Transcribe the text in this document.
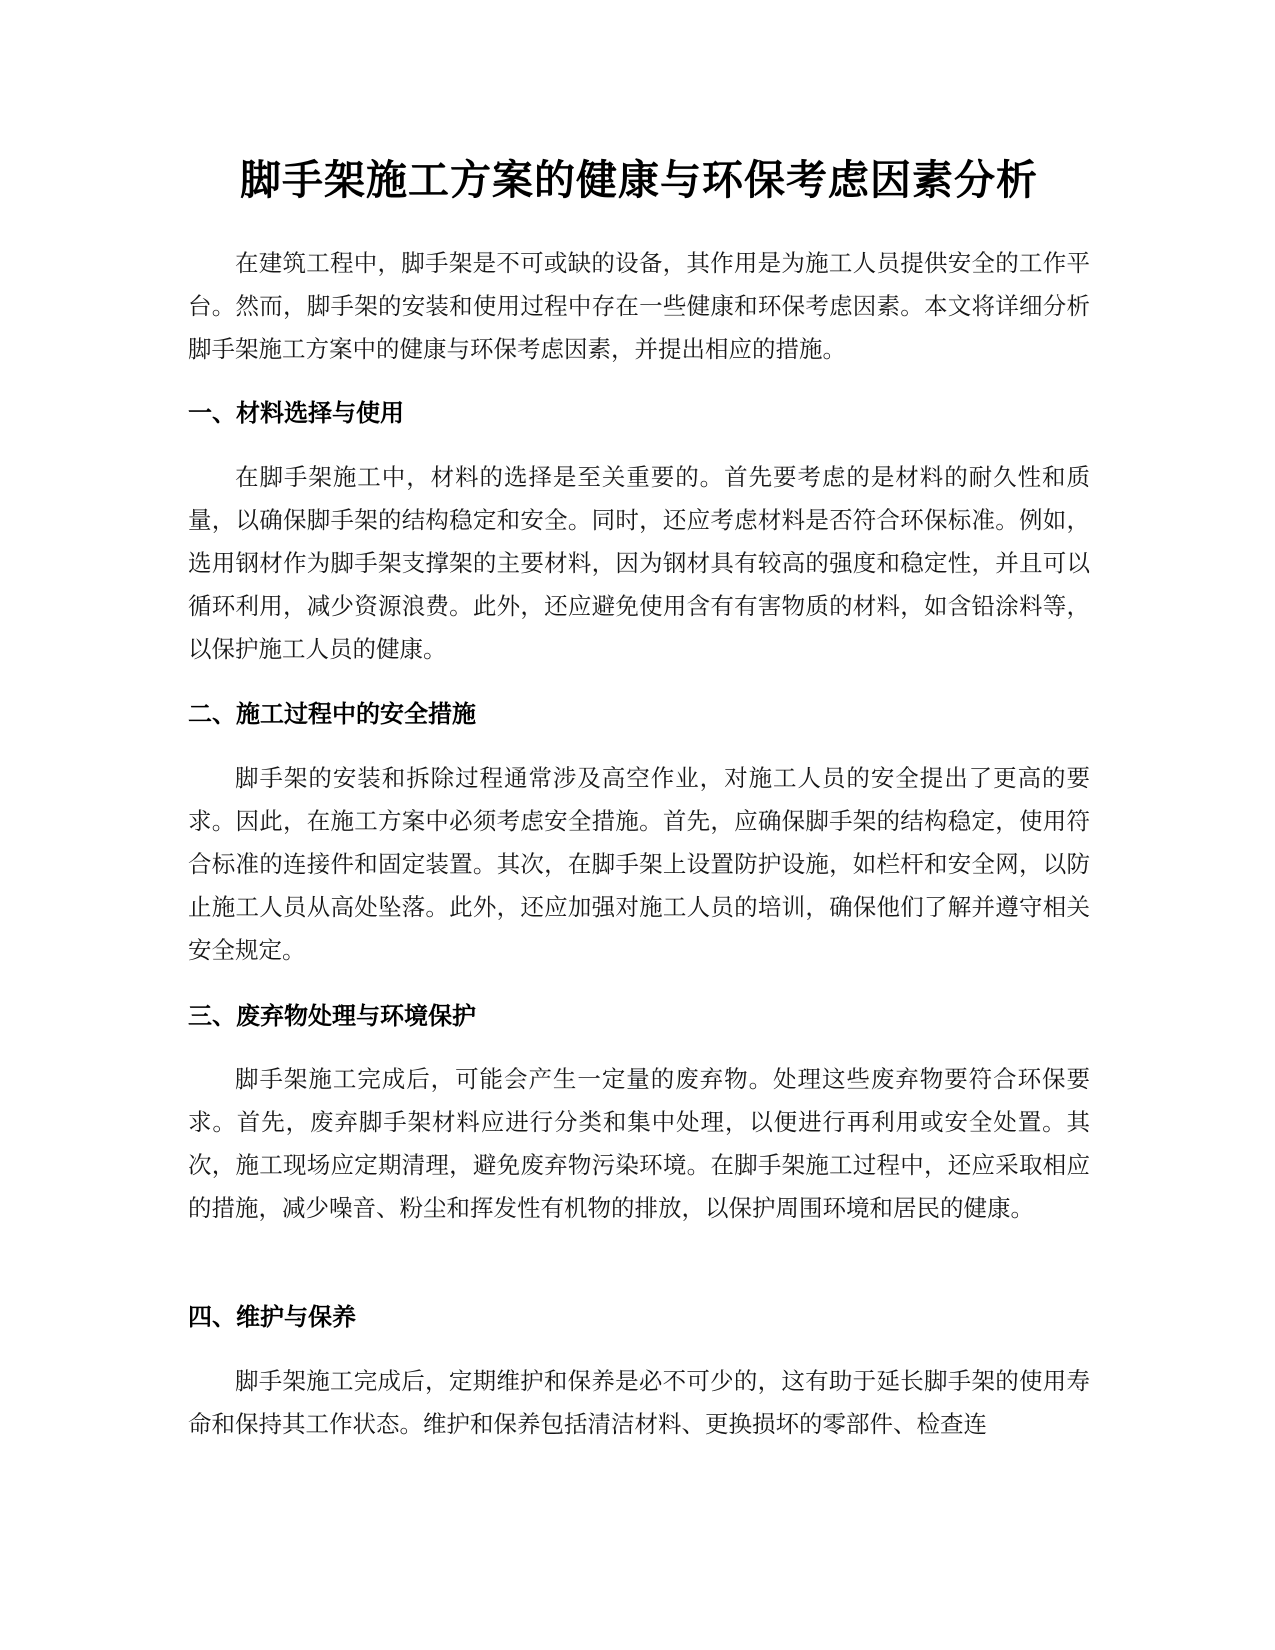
脚手架施工方案的健康与环保考虑因素分析

在建筑工程中，脚手架是不可或缺的设备，其作用是为施工人员提供安全的工作平台。然而，脚手架的安装和使用过程中存在一些健康和环保考虑因素。本文将详细分析脚手架施工方案中的健康与环保考虑因素，并提出相应的措施。

一、材料选择与使用

在脚手架施工中，材料的选择是至关重要的。首先要考虑的是材料的耐久性和质量，以确保脚手架的结构稳定和安全。同时，还应考虑材料是否符合环保标准。例如，选用钢材作为脚手架支撑架的主要材料，因为钢材具有较高的强度和稳定性，并且可以循环利用，减少资源浪费。此外，还应避免使用含有有害物质的材料，如含铅涂料等，以保护施工人员的健康。

二、施工过程中的安全措施

脚手架的安装和拆除过程通常涉及高空作业，对施工人员的安全提出了更高的要求。因此，在施工方案中必须考虑安全措施。首先，应确保脚手架的结构稳定，使用符合标准的连接件和固定装置。其次，在脚手架上设置防护设施，如栏杆和安全网，以防止施工人员从高处坠落。此外，还应加强对施工人员的培训，确保他们了解并遵守相关安全规定。

三、废弃物处理与环境保护

脚手架施工完成后，可能会产生一定量的废弃物。处理这些废弃物要符合环保要求。首先，废弃脚手架材料应进行分类和集中处理，以便进行再利用或安全处置。其次，施工现场应定期清理，避免废弃物污染环境。在脚手架施工过程中，还应采取相应的措施，减少噪音、粉尘和挥发性有机物的排放，以保护周围环境和居民的健康。

四、维护与保养

脚手架施工完成后，定期维护和保养是必不可少的，这有助于延长脚手架的使用寿命和保持其工作状态。维护和保养包括清洁材料、更换损坏的零部件、检查连
